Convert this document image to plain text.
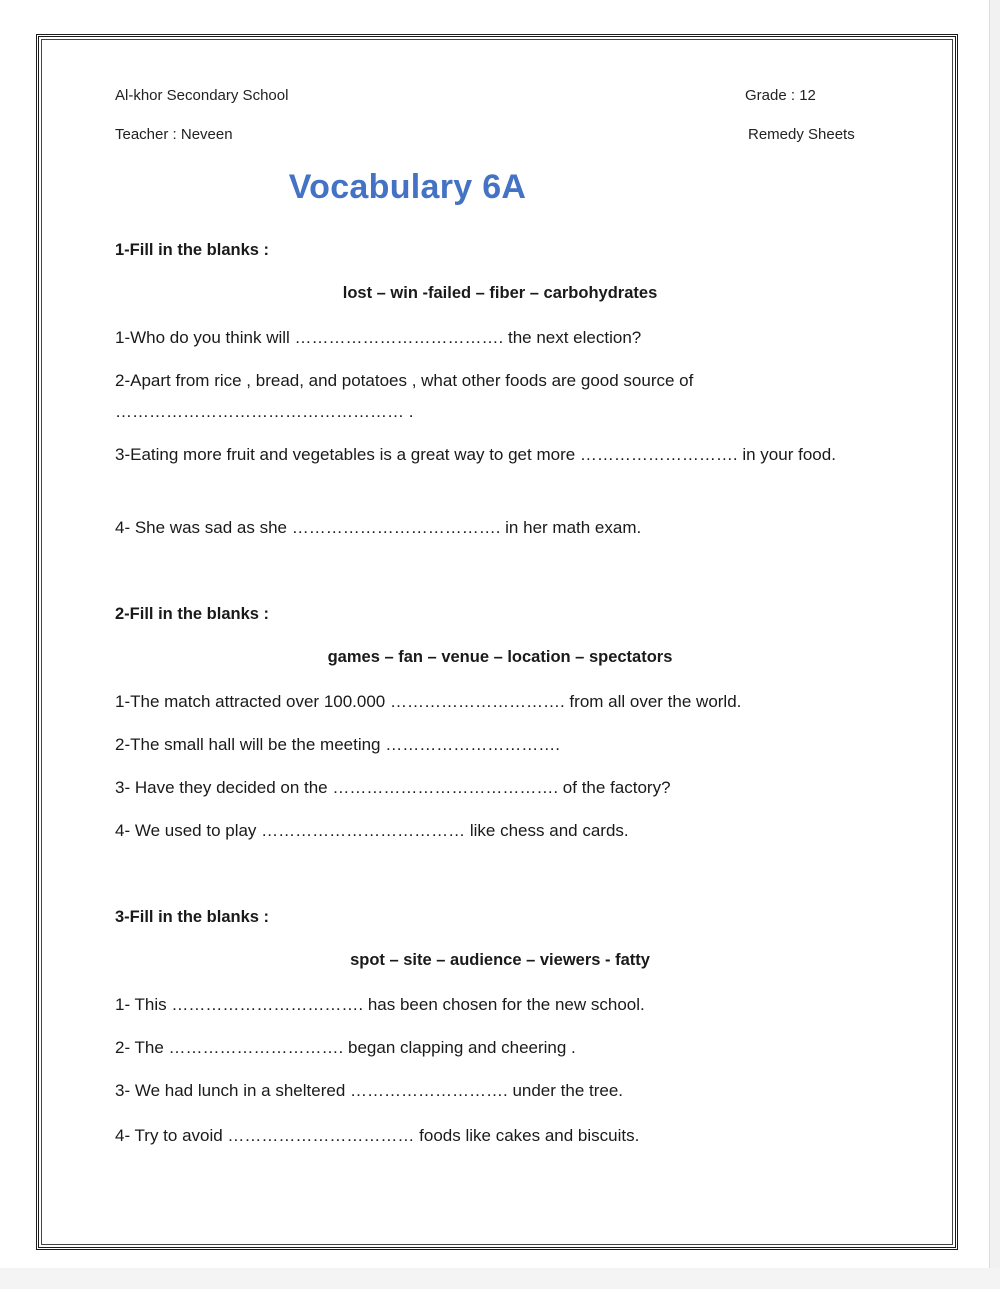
Al-khor Secondary School	Grade : 12
Teacher : Neveen	Remedy Sheets
Vocabulary 6A
1-Fill in the blanks :
lost – win -failed – fiber – carbohydrates
1-Who do you think will ………………………………. the next election?
2-Apart from rice , bread, and potatoes , what other foods are good source of …………………………………………… .
3-Eating more fruit and vegetables is a great way to get more ………………………. in your food.
4- She was sad as she ………………………………. in her math exam.
2-Fill in the blanks :
games – fan – venue – location – spectators
1-The match attracted over 100.000 …………………………. from all over the world.
2-The small hall will be the meeting ………………………….
3- Have they decided on the …………………………………. of the factory?
4- We used to play ……………………………… like chess and cards.
3-Fill in the blanks :
spot – site – audience – viewers - fatty
1- This ……………………………. has been chosen for the new school.
2- The …………………………. began clapping and cheering .
3- We had lunch in a sheltered ………………………. under the tree.
4- Try to avoid …………………………… foods like cakes and biscuits.
